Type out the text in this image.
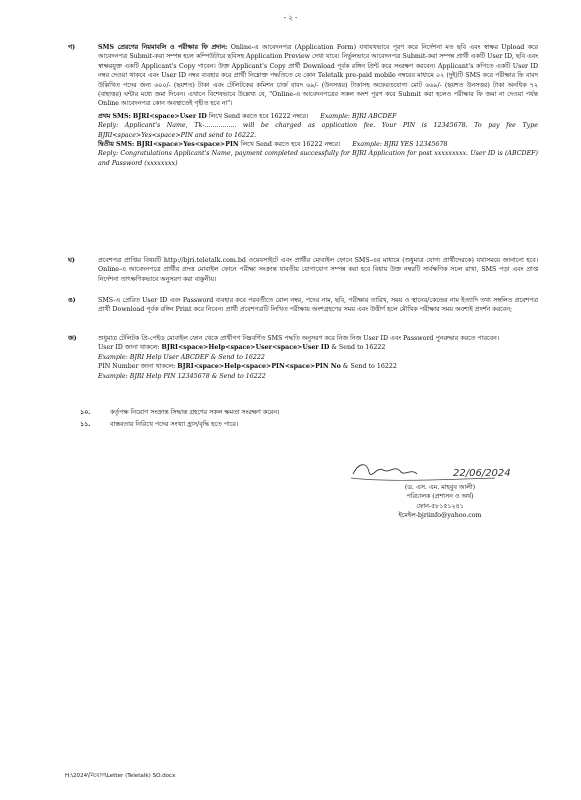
- ২ -
গ)	SMS প্রেরণের নিয়মাবলি ও পরীক্ষার ফি প্রদান: Online-এ আবেদনপত্র (Application Form) যথাযথভাবে পূরণ করে নির্দেশনা মত ছবি এবং স্বাক্ষর Upload করে আবেদনপত্র Submit-করা সম্পন্ন হলে কম্পিউটারে ছবিসহ Application Preview দেখা যাবে। নির্ভুলভাবে আবেদনপত্র Submit-করা সম্পন্ন প্রার্থী একটি User ID, ছবি এবং স্বাক্ষরযুক্ত একটি Applicant's Copy পাবেন। উক্ত Applicant's Copy প্রার্থী Download পূর্বক রঙ্গিন প্রিন্ট করে সংরক্ষণ করবেন। Applicant's কপিতে একটি User ID নম্বর দেওয়া থাকবে এবং User ID নম্বর ব্যবহার করে প্রার্থী নিম্নোক্ত পদ্ধতিতে যে কোন Teletalk pre-paid mobile নম্বরের মাধ্যমে ০২ (দুই)টি SMS করে পরীক্ষার ফি বাবদ উল্লিখিত পদের জন্য ৬০০/- (ছয়শত) টাকা এবং টেলিটকের কমিশন চার্জ বাবদ ৬৯/- (উনসত্তর) টাকাসহ অফেরতযোগ্য মোট ৬৬৯/- (ছয়শত উনসত্তর) টাকা অনধিক ৭২ (বাহাত্তর) ঘন্টার মধ্যে জমা দিবেন। এখানে বিশেষভাবে উল্লেখ্য যে, "Online-এ আবেদনপত্রের সকল অংশ পূরণ করে Submit করা হলেও পরীক্ষার ফি জমা না দেওয়া পর্যন্ত Online আবেদনপত্র কোন অবস্থাতেই গৃহীত হবে না"।
প্রথম SMS: BJRI<space>User ID লিখে Send করতে হবে 16222 নম্বরে। Example: BJRI ABCDEF
Reply: Applicant's Name, Tk-................ will be charged as application fee. Your PIN is 12345678. To pay fee Type BJRI<space>Yes<space>PIN and send to 16222.
দ্বিতীয় SMS: BJRI<space>Yes<space>PIN লিখে Send করতে হবে 16222 নম্বরে। Example: BJRI YES 12345678
Reply: Congratulations Applicant's Name, payment completed successfully for BJRI Application for post xxxxxxxxx. User ID is (ABCDEF) and Password (xxxxxxxx)
ঘ)	প্রবেশপত্র প্রাপ্তির বিষয়টি http://bjri.teletalk.com.bd ওয়েবসাইটে এবং প্রার্থীর মোবাইল ফোনে SMS-এর মাধ্যমে (শুধুমাত্র যোগ্য প্রার্থীদেরকে) যথাসময়ে জানানো হবে। Online-এ আবেদনপত্রে প্রার্থীর প্রদত্ত মোবাইল ফোনে পরীক্ষা সংক্রান্ত যাবতীয় যোগাযোগ সম্পন্ন করা হবে বিধায় উক্ত নম্বরটি সার্বক্ষণিক সচল রাখা, SMS পড়া এবং প্রাপ্ত নির্দেশনা তাৎক্ষণিকভাবে অনুসরণ করা বাঞ্ছনীয়।
ঙ)	SMS-এ প্রেরিত User ID এবং Password ব্যবহার করে পরবর্তীতে রোল নম্বর, পদের নাম, ছবি, পরীক্ষার তারিখ, সময় ও স্থানের/কেন্দ্রের নাম ইত্যাদি তথ্য সম্বলিত প্রবেশপত্র প্রার্থী Download পূর্বক রঙ্গিন Print করে নিবেন। প্রার্থী প্রবেশপত্রটি লিখিত পরীক্ষায় অংশগ্রহণের সময় এবং উত্তীর্ণ হলে মৌখিক পরীক্ষার সময় অবশ্যই প্রদর্শন করবেন;
জ)	শুধুমাত্র টেলিটক প্রি-পেইড মোবাইল ফোন থেকে প্রার্থীগণ নিম্নবর্ণিত SMS পদ্ধতি অনুসরণ করে নিজ নিজ User ID এবং Password পুনরুদ্ধার করতে পারবেন।
User ID জানা থাকলে: BJRI<space>Help<space>User<space>User ID & Send to 16222
Example: BJRI Help User ABCDEF & Send to 16222
PIN Number জানা থাকলে: BJRI<space>Help<space>PIN<space>PIN No & Send to 16222
Example: BJRI Help PIN 12345678 & Send to 16222
১০.	কর্তৃপক্ষ নিয়োগ সংক্রান্ত সিদ্ধান্ত গ্রহণের সকল ক্ষমতা সংরক্ষণ করেন।
১১.	বাস্তবতার নিরিখে পদের সংখ্যা হ্রাস/বৃদ্ধি হতে পারে।
22/06/2024
(ড. এস. এম. মাহবুব আলী)
পরিচালক (প্রশাসন ও অর্থ)
ফোন-৫৮১৫১২৪১
ইমেইল-bjriinfo@yahoo.com
H:\2024\নিয়োগ\Letter (Teletalk) SO.docx
